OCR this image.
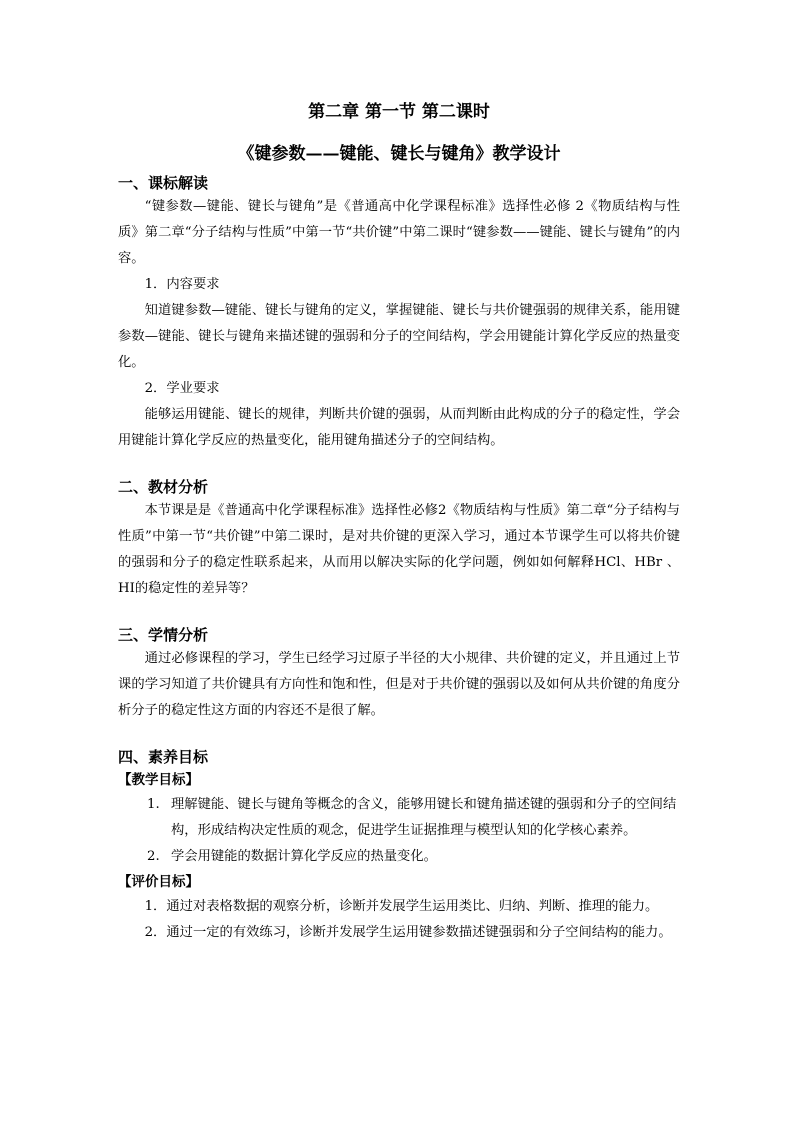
第二章 第一节 第二课时

《键参数——键能、键长与键角》教学设计

一、课标解读

“键参数—键能、键长与键角”是《普通高中化学课程标准》选择性必修 2《物质结构与性质》第二章“分子结构与性质”中第一节“共价键”中第二课时“键参数——键能、键长与键角”的内容。

1．内容要求

知道键参数—键能、键长与键角的定义，掌握键能、键长与共价键强弱的规律关系，能用键参数—键能、键长与键角来描述键的强弱和分子的空间结构，学会用键能计算化学反应的热量变化。

2．学业要求

能够运用键能、键长的规律，判断共价键的强弱，从而判断由此构成的分子的稳定性，学会用键能计算化学反应的热量变化，能用键角描述分子的空间结构。

二、教材分析

本节课是是《普通高中化学课程标准》选择性必修2《物质结构与性质》第二章“分子结构与性质”中第一节“共价键”中第二课时，是对共价键的更深入学习，通过本节课学生可以将共价键的强弱和分子的稳定性联系起来，从而用以解决实际的化学问题，例如如何解释HCl、HBr 、 HI的稳定性的差异等？

三、学情分析

通过必修课程的学习，学生已经学习过原子半径的大小规律、共价键的定义，并且通过上节课的学习知道了共价键具有方向性和饱和性，但是对于共价键的强弱以及如何从共价键的角度分析分子的稳定性这方面的内容还不是很了解。

四、素养目标

【教学目标】

1. 理解键能、键长与键角等概念的含义，能够用键长和键角描述键的强弱和分子的空间结构，形成结构决定性质的观念，促进学生证据推理与模型认知的化学核心素养。
2. 学会用键能的数据计算化学反应的热量变化。

【评价目标】

1．通过对表格数据的观察分析，诊断并发展学生运用类比、归纳、判断、推理的能力。

2．通过一定的有效练习，诊断并发展学生运用键参数描述键强弱和分子空间结构的能力。
